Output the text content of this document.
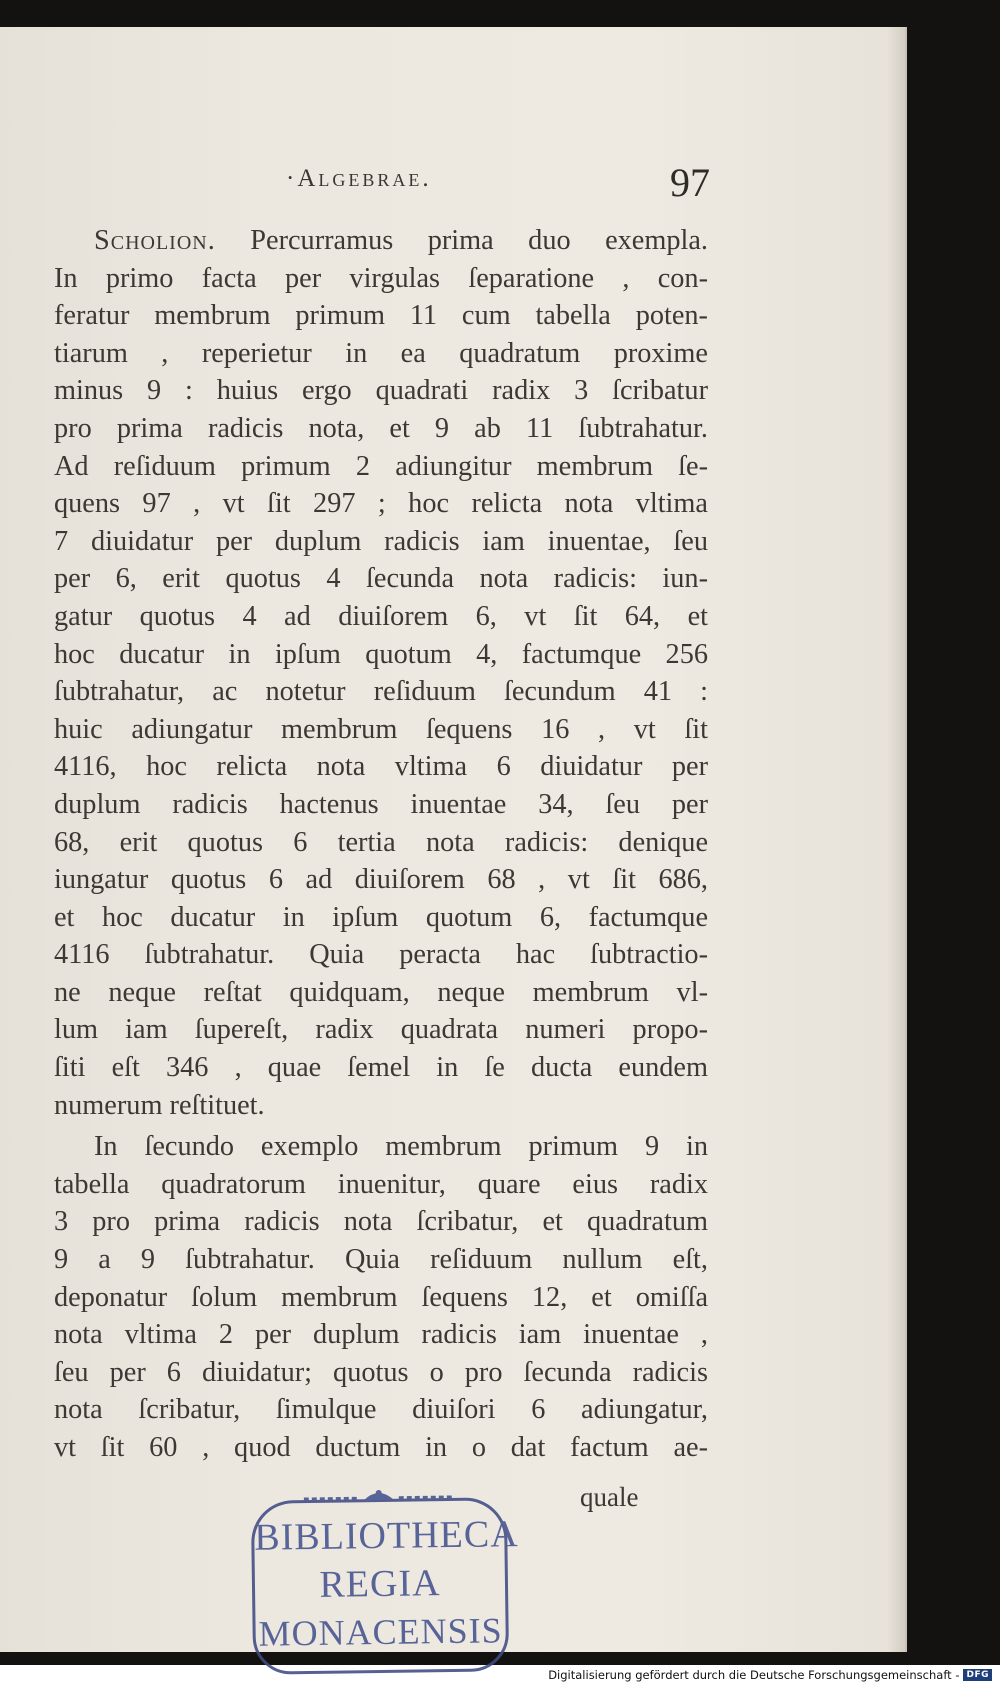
·Algebrae.	97
Scholion. Percurramus prima duo exempla.
In primo facta per virgulas ſeparatione , con-
feratur membrum primum 11 cum tabella poten-
tiarum , reperietur in ea quadratum proxime
minus 9 : huius ergo quadrati radix 3 ſcribatur
pro prima radicis nota, et 9 ab 11 ſubtrahatur.
Ad reſiduum primum 2 adiungitur membrum ſe-
quens 97 , vt ſit 297 ; hoc relicta nota vltima
7 diuidatur per duplum radicis iam inuentae, ſeu
per 6, erit quotus 4 ſecunda nota radicis: iun-
gatur quotus 4 ad diuiſorem 6, vt ſit 64, et
hoc ducatur in ipſum quotum 4, factumque 256
ſubtrahatur, ac notetur reſiduum ſecundum 41 :
huic adiungatur membrum ſequens 16 , vt ſit
4116, hoc relicta nota vltima 6 diuidatur per
duplum radicis hactenus inuentae 34, ſeu per
68, erit quotus 6 tertia nota radicis: denique
iungatur quotus 6 ad diuiſorem 68 , vt ſit 686,
et hoc ducatur in ipſum quotum 6, factumque
4116 ſubtrahatur. Quia peracta hac ſubtractio-
ne neque reſtat quidquam, neque membrum vl-
lum iam ſupereſt, radix quadrata numeri propo-
ſiti eſt 346 , quae ſemel in ſe ducta eundem
numerum reſtituet.
In ſecundo exemplo membrum primum 9 in
tabella quadratorum inuenitur, quare eius radix
3 pro prima radicis nota ſcribatur, et quadratum
9 a 9 ſubtrahatur. Quia reſiduum nullum eſt,
deponatur ſolum membrum ſequens 12, et omiſſa
nota vltima 2 per duplum radicis iam inuentae ,
ſeu per 6 diuidatur; quotus o pro ſecunda radicis
nota ſcribatur, ſimulque diuiſori 6 adiungatur,
vt ſit 60 , quod ductum in o dat factum ae-
quale
BIBLIOTHECA
REGIA
MONACENSIS
Digitalisierung gefördert durch die Deutsche Forschungsgemeinschaft - DFG
